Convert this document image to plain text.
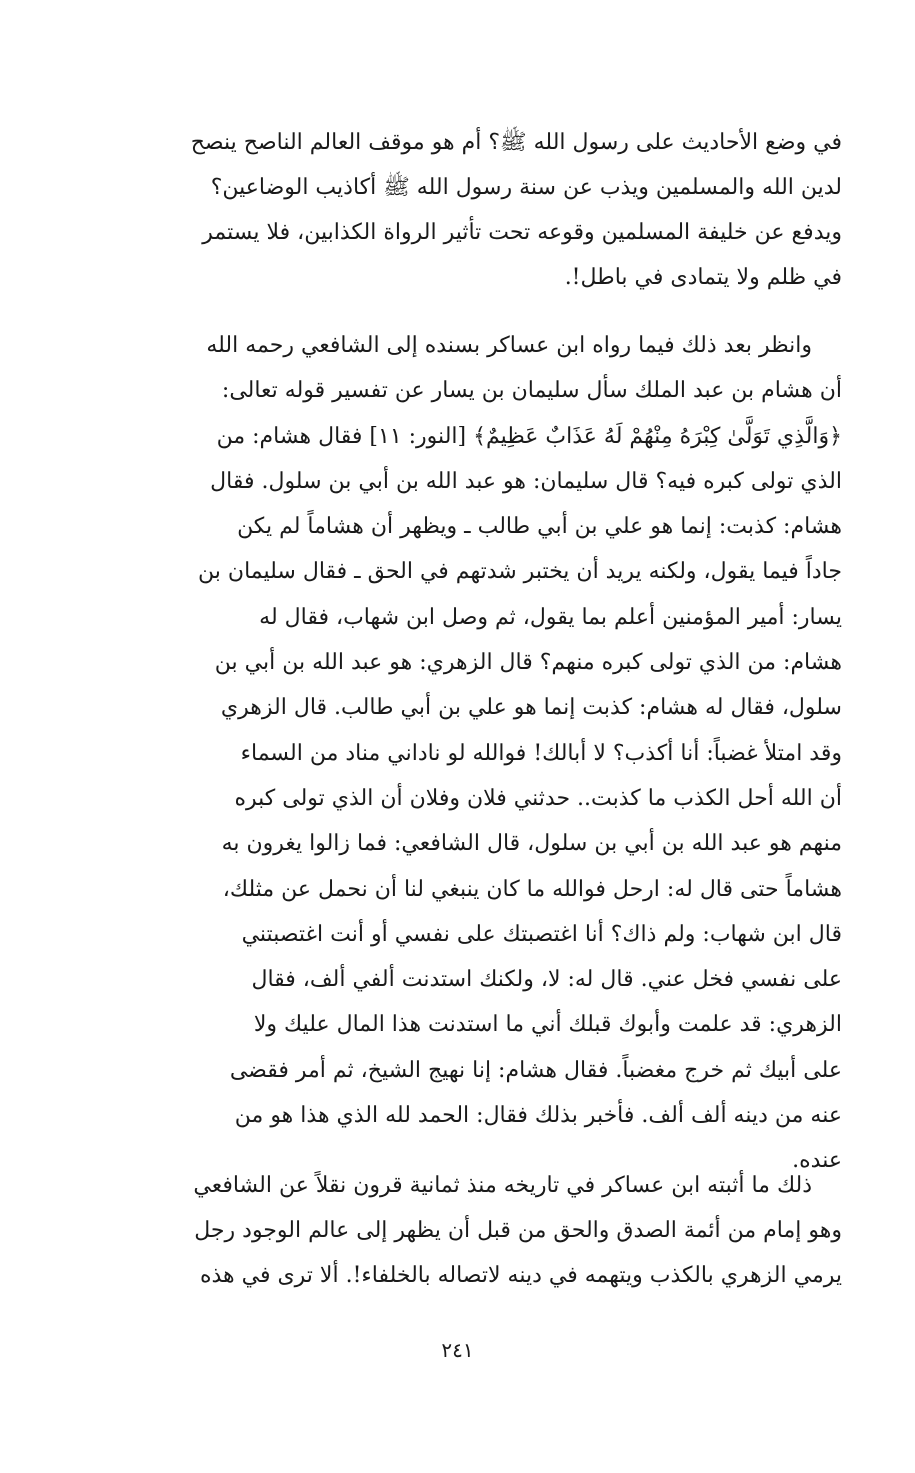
في وضع الأحاديث على رسول الله ﷺ؟ أم هو موقف العالم الناصح ينصح
لدين الله والمسلمين ويذب عن سنة رسول الله ﷺ أكاذيب الوضاعين؟
ويدفع عن خليفة المسلمين وقوعه تحت تأثير الرواة الكذابين، فلا يستمر
في ظلم ولا يتمادى في باطل!.
وانظر بعد ذلك فيما رواه ابن عساكر بسنده إلى الشافعي رحمه الله
أن هشام بن عبد الملك سأل سليمان بن يسار عن تفسير قوله تعالى:
﴿وَالَّذِي تَوَلَّىٰ كِبْرَهُ مِنْهُمْ لَهُ عَذَابٌ عَظِيمٌ﴾ [النور: ١١] فقال هشام: من
الذي تولى كبره فيه؟ قال سليمان: هو عبد الله بن أبي بن سلول. فقال
هشام: كذبت: إنما هو علي بن أبي طالب ـ ويظهر أن هشاماً لم يكن
جاداً فيما يقول، ولكنه يريد أن يختبر شدتهم في الحق ـ فقال سليمان بن
يسار: أمير المؤمنين أعلم بما يقول، ثم وصل ابن شهاب، فقال له
هشام: من الذي تولى كبره منهم؟ قال الزهري: هو عبد الله بن أبي بن
سلول، فقال له هشام: كذبت إنما هو علي بن أبي طالب. قال الزهري
وقد امتلأ غضباً: أنا أكذب؟ لا أبالك! فوالله لو ناداني مناد من السماء
أن الله أحل الكذب ما كذبت.. حدثني فلان وفلان أن الذي تولى كبره
منهم هو عبد الله بن أبي بن سلول، قال الشافعي: فما زالوا يغرون به
هشاماً حتى قال له: ارحل فوالله ما كان ينبغي لنا أن نحمل عن مثلك،
قال ابن شهاب: ولم ذاك؟ أنا اغتصبتك على نفسي أو أنت اغتصبتني
على نفسي فخل عني. قال له: لا، ولكنك استدنت ألفي ألف، فقال
الزهري: قد علمت وأبوك قبلك أني ما استدنت هذا المال عليك ولا
على أبيك ثم خرج مغضباً. فقال هشام: إنا نهيج الشيخ، ثم أمر فقضى
عنه من دينه ألف ألف. فأخبر بذلك فقال: الحمد لله الذي هذا هو من
عنده.
ذلك ما أثبته ابن عساكر في تاريخه منذ ثمانية قرون نقلاً عن الشافعي
وهو إمام من أئمة الصدق والحق من قبل أن يظهر إلى عالم الوجود رجل
يرمي الزهري بالكذب ويتهمه في دينه لاتصاله بالخلفاء!. ألا ترى في هذه
٢٤١
